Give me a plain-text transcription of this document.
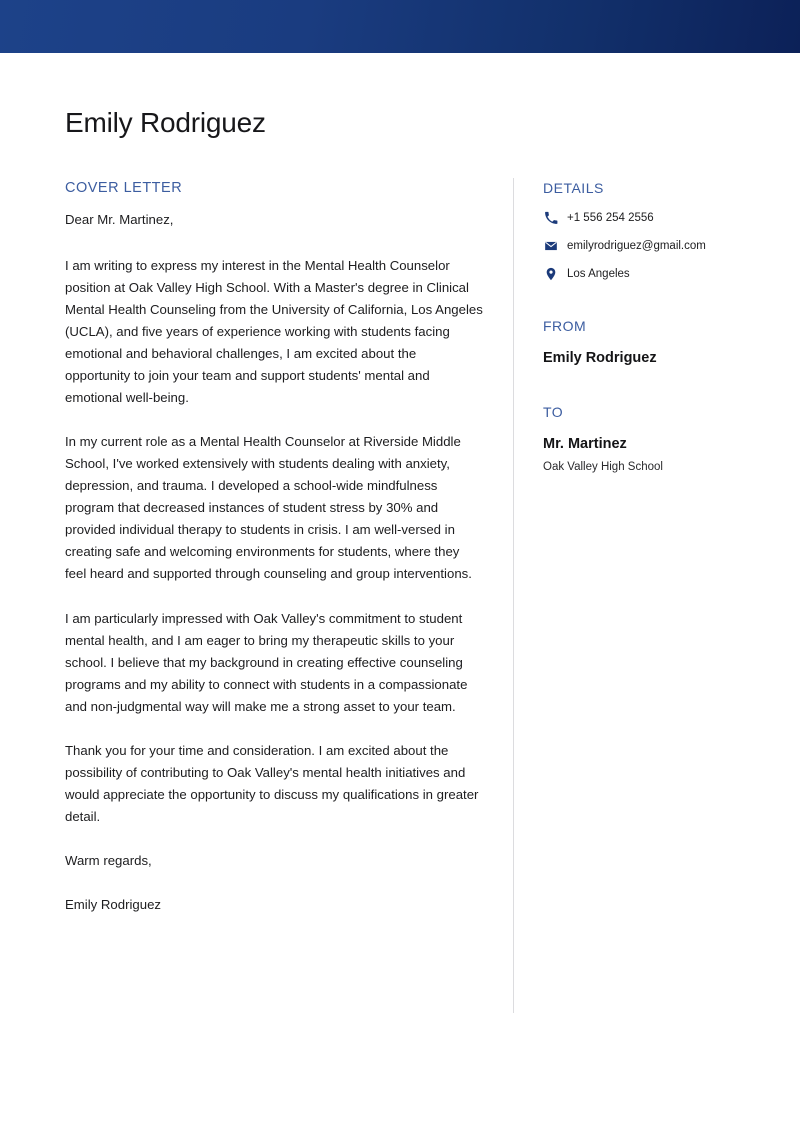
Emily Rodriguez
COVER LETTER

Dear Mr. Martinez,

I am writing to express my interest in the Mental Health Counselor position at Oak Valley High School. With a Master's degree in Clinical Mental Health Counseling from the University of California, Los Angeles (UCLA), and five years of experience working with students facing emotional and behavioral challenges, I am excited about the opportunity to join your team and support students' mental and emotional well-being.

In my current role as a Mental Health Counselor at Riverside Middle School, I've worked extensively with students dealing with anxiety, depression, and trauma. I developed a school-wide mindfulness program that decreased instances of student stress by 30% and provided individual therapy to students in crisis. I am well-versed in creating safe and welcoming environments for students, where they feel heard and supported through counseling and group interventions.

I am particularly impressed with Oak Valley's commitment to student mental health, and I am eager to bring my therapeutic skills to your school. I believe that my background in creating effective counseling programs and my ability to connect with students in a compassionate and non-judgmental way will make me a strong asset to your team.

Thank you for your time and consideration. I am excited about the possibility of contributing to Oak Valley's mental health initiatives and would appreciate the opportunity to discuss my qualifications in greater detail.

Warm regards,

Emily Rodriguez

DETAILS
+1 556 254 2556
emilyrodriguez@gmail.com
Los Angeles
FROM

Emily Rodriguez

TO

Mr. Martinez

Oak Valley High School
